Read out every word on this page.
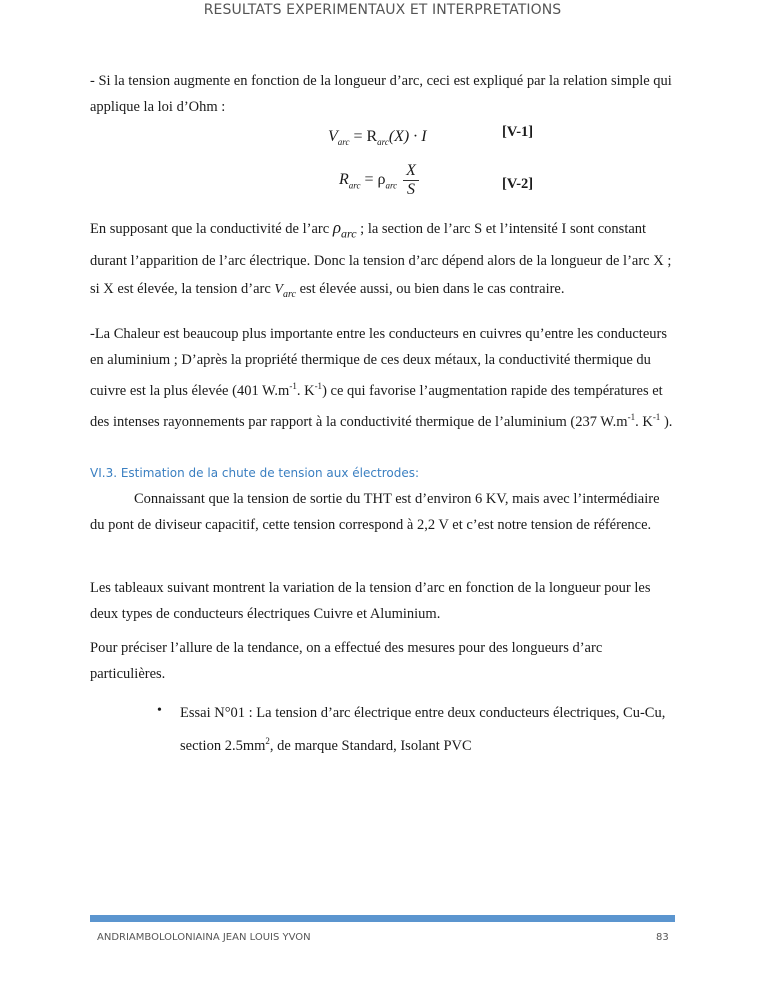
RESULTATS EXPERIMENTAUX ET INTERPRETATIONS

- Si la tension augmente en fonction de la longueur d’arc, ceci est expliqué par la relation simple qui applique la loi d’Ohm :

$V_{arc} = R_{arc}(X) \cdot I$	[V-1]
$R_{arc} = \rho_{arc} \frac{X}{S}$	[V-2]

En supposant que la conductivité de l’arc $\rho_{arc}$ ; la section de l’arc S et l’intensité I sont constant durant l’apparition de l’arc électrique. Donc la tension d’arc dépend alors de la longueur de l’arc X ; si X est élevée, la tension d’arc $V_{arc}$ est élevée aussi, ou bien dans le cas contraire.

-La Chaleur est beaucoup plus importante entre les conducteurs en cuivres qu’entre les conducteurs en aluminium ; D’après la propriété thermique de ces deux métaux, la conductivité thermique du cuivre est la plus élevée (401 $W.m^{-1}$. $K^{-1}$) ce qui favorise l’augmentation rapide des températures et des intenses rayonnements par rapport à la conductivité thermique de l’aluminium (237 $W.m^{-1}$. $K^{-1}$ ).

VI.3. Estimation de la chute de tension aux électrodes:

Connaissant que la tension de sortie du THT est d’environ 6 KV, mais avec l’intermédiaire du pont de diviseur capacitif, cette tension correspond à 2,2 V et c’est notre tension de référence.

Les tableaux suivant montrent la variation de la tension d’arc en fonction de la longueur pour les deux types de conducteurs électriques Cuivre et Aluminium.

Pour préciser l’allure de la tendance, on a effectué des mesures pour des longueurs d’arc particulières.

• Essai N°01 : La tension d’arc électrique entre deux conducteurs électriques, Cu-Cu, section $2.5mm^2$, de marque Standard, Isolant PVC
ANDRIAMBOLOLONIAINA JEAN LOUIS YVON	83
